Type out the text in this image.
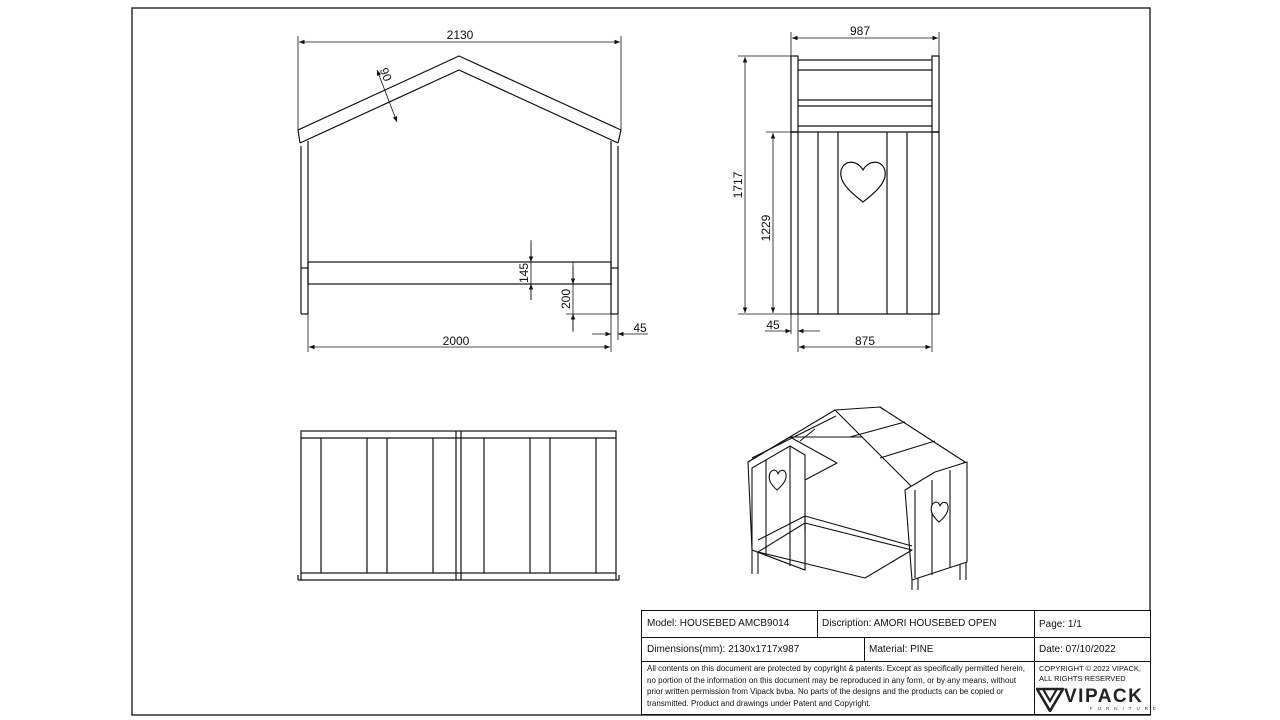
2130
90
145
200
45
2000
987
1717
1229
45
875
Model: HOUSEBED AMCB9014	Discription: AMORI HOUSEBED OPEN	Page: 1/1
Dimensions(mm): 2130x1717x987	Material: PINE	Date: 07/10/2022
All contents on this document are protected by copyright & patents. Except as specifically permitted herein, no portion of the information on this document may be reproduced in any form, or by any means, without prior written permission from Vipack bvba. No parts of the designs and the products can be copied or transmitted. Product and drawings under Patent and Copyright.
COPYRIGHT © 2022 VIPACK,
ALL RIGHTS RESERVED
VIPACK
FURNITURE
